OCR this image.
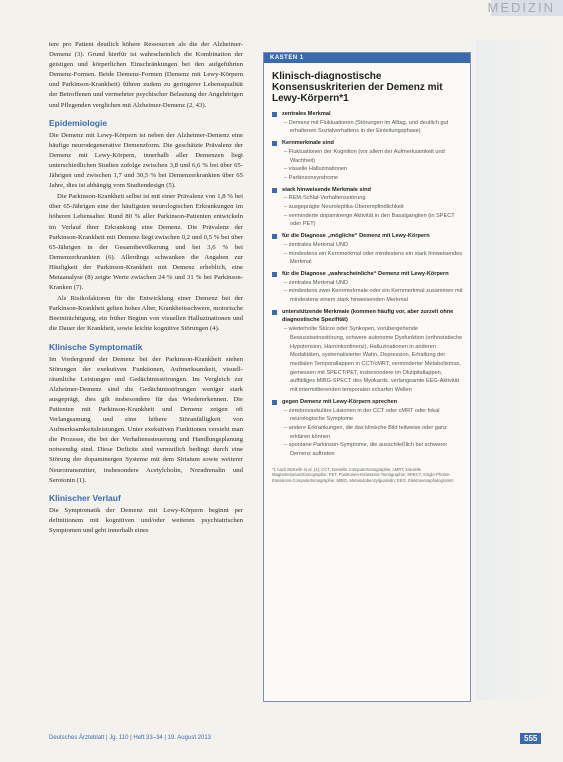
MEDIZIN

tere pro Patient deutlich höhere Ressourcen als die der Alzheimer-Demenz (3). Grund hierfür ist wahrscheinlich die Kombination der geistigen und körperlichen Einschränkungen bei den aufgeführten Demenz-Formen. Beide Demenz-Formen (Demenz mit Lewy-Körpern und Parkinson-Krankheit) führen zudem zu geringerer Lebensqualität der Betroffenen und vermehrter psychischer Belastung der Angehörigen und Pflegenden verglichen mit Alzheimer-Demenz (2, 43).

Epidemiologie

Die Demenz mit Lewy-Körpern ist neben der Alzheimer-Demenz eine häufige neurodegenerative Demenzform. Die geschätzte Prävalenz der Demenz mit Lewy-Körpern, innerhalb aller Demenzen liegt unterschiedlichen Studien zufolge zwischen 3,8 und 6,6 % bei über 65-Jährigen und zwischen 1,7 und 30,5 % bei Demenzerkrankten über 65 Jahre, dies ist abhängig vom Studiendesign (5).

Die Parkinson-Krankheit selbst ist mit einer Prävalenz von 1,8 % bei über 65-Jährigen eine der häufigsten neurologischen Erkrankungen im höheren Lebensalter. Rund 80 % aller Parkinson-Patienten entwickeln im Verlauf ihrer Erkrankung eine Demenz. Die Prävalenz der Parkinson-Krankheit mit Demenz liegt zwischen 0,2 und 0,5 % bei über 65-Jährigen in der Gesamtbevölkerung und bei 3,6 % bei Demenzerkrankten (6). Allerdings schwanken die Angaben zur Häufigkeit der Parkinson-Krankheit mit Demenz erheblich, eine Metaanalyse (8) zeigte Werte zwischen 24 % und 31 % bei Parkinson-Kranken (7).

Als Risikofaktoren für die Entwicklung einer Demenz bei der Parkinson-Krankheit gelten hohes Alter, Krankheitsschwere, motorische Beeinträchtigung, ein früher Beginn von visuellen Halluzinationen und die Dauer der Krankheit, sowie leichte kognitive Störungen (4).

Klinische Symptomatik

Im Vordergrund der Demenz bei der Parkinson-Krankheit stehen Störungen der exekutiven Funktionen, Aufmerksamkeit, visuell-räumliche Leistungen und Gedächtnisstörungen. Im Vergleich zur Alzheimer-Demenz sind die Gedächtnisstörungen weniger stark ausgeprägt, dies gilt insbesondere für das Wiedererkennen. Die Patienten mit Parkinson-Krankheit und Demenz zeigen oft Verlangsamung und eine höhere Störanfälligkeit von Aufmerksamkeitsleistungen. Unter exekutiven Funktionen versteht man die Prozesse, die bei der Verhaltenssteuerung und Handlungsplanung notwendig sind. Diese Defizite sind vermutlich bedingt durch eine Störung der dopaminergen Systeme mit dem Striatum sowie weiterer Neurotransmitter, insbesondere Acetylcholin, Noradrenalin und Serotonin (1).

Klinischer Verlauf

Die Symptomatik der Demenz mit Lewy-Körpern beginnt per definitionem mit kognitiven und/oder weiteren psychiatrischen Symptomen und geht innerhalb eines

KASTEN 1
Klinisch-diagnostische Konsensuskriterien der Demenz mit Lewy-Körpern*1
zentrales Merkmal
– Demenz mit Fluktuationen (Störungen im Alltag, und deutlich gut erhaltenen Sozialverhaltens in der Einleitungsphase)
Kernmerkmale sind
– Fluktuationen der Kognition (vor allem der Aufmerksamkeit und Wachheit)
– visuelle Halluzinationen
– Parkinsonsyndrome
stark hinweisende Merkmale sind
– REM-Schlaf-Verhaltensstörung
– ausgeprägte Neuroleptika-Überempfindlichkeit
– verminderte dopaminerge Aktivität in den Basalganglien (in SPECT oder PET)
für die Diagnose „mögliche“ Demenz mit Lewy-Körpern
– zentrales Merkmal UND
– mindestens ein Kernmerkmal oder mindestens ein stark hinweisendes Merkmal
für die Diagnose „wahrscheinliche“ Demenz mit Lewy-Körpern
– zentrales Merkmal UND
– mindestens zwei Kernmerkmale oder ein Kernmerkmal zusammen mit mindestens einem stark hinweisenden Merkmal
unterstützende Merkmale (kommen häufig vor, aber zurzeit ohne diagnostische Spezifität)
– wiederholte Stürze oder Synkopen, vorübergehende Bewusstseinsstörung, schwere autonome Dysfunktion (orthostatische Hypotension, Harninkontinenz), Halluzinationen in anderen Modalitäten, systematisierter Wahn, Depression, Erhaltung der medialen Temporallappen in CCT/cMRT, verminderter Metabolismus, gemessen mit SPECT/PET, insbesondere im Okzipitallappen, auffälliges MIBG-SPECT des Myokards, verlangsamte EEG-Aktivität mit intermittierenden temporalen scharfen Wellen
gegen Demenz mit Lewy-Körpern sprechen
– zerebrovaskuläre Läsionen in der CCT oder cMRT oder fokal neurologische Symptome
– andere Erkrankungen, die das klinische Bild teilweise oder ganz erklären können
– spontane Parkinson-Symptome, die ausschließlich bei schwerer Demenz auftreten
*1 nach McKeith et al. (4); CCT, kranielle Computertomographie; cMRT, kranielle Magnetresonanztomographie; PET, Positronen-Emissions-Tomographie; SPECT, Single-Photon-Emissions-Computertomographie; MIBG, Metaiodobenzylguanidin; EEG, Elektroenzephalogramm
Deutsches Ärzteblatt | Jg. 110 | Heft 33–34 | 19. August 2013	555
